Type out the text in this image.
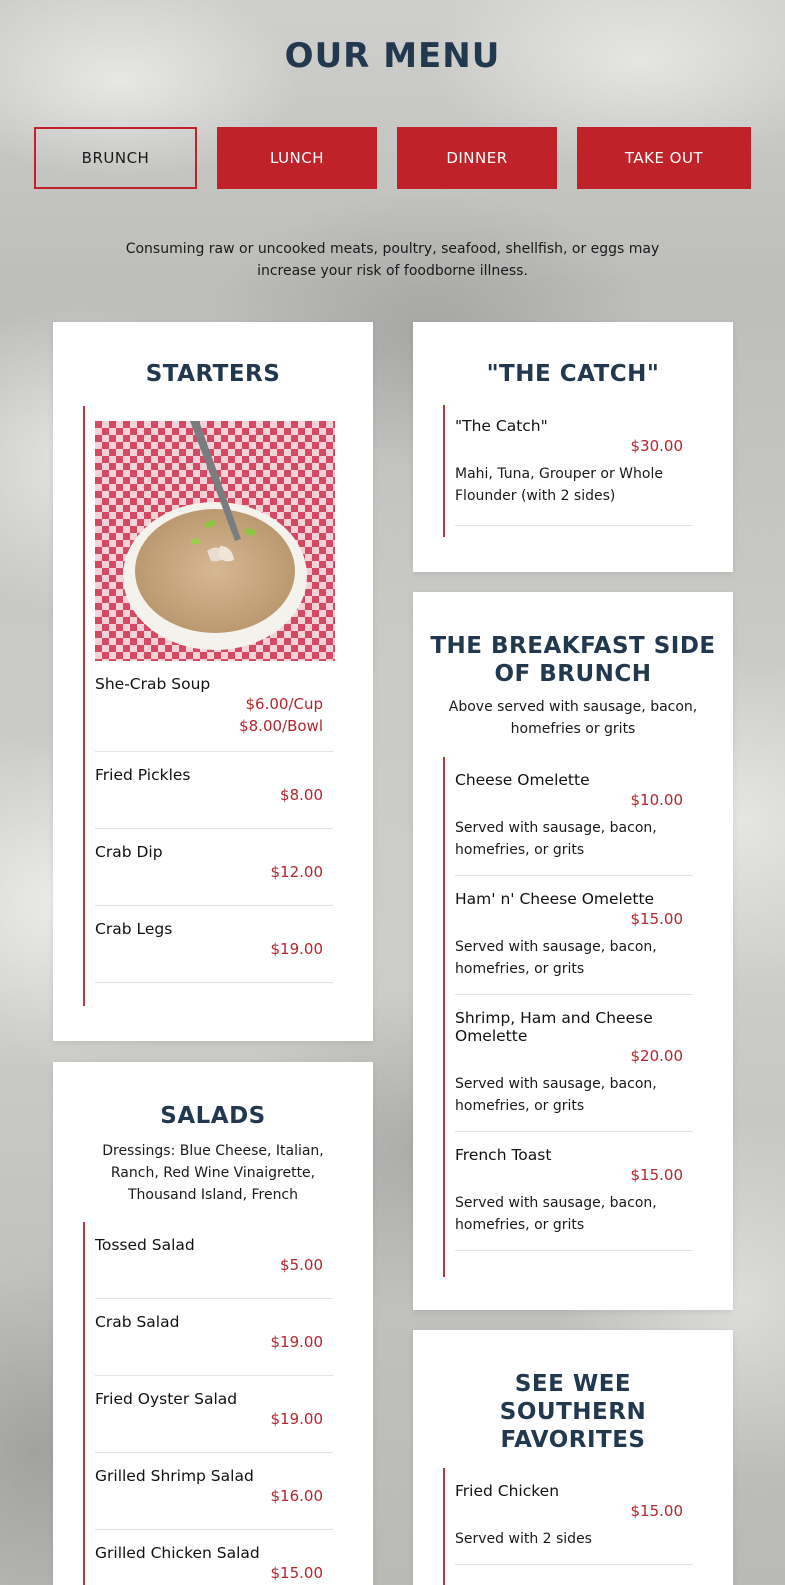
OUR MENU
BRUNCH	LUNCH	DINNER	TAKE OUT

Consuming raw or uncooked meats, poultry, seafood, shellfish, or eggs may increase your risk of foodborne illness.

STARTERS
She-Crab Soup
$6.00/Cup
$8.00/Bowl
Fried Pickles
$8.00
Crab Dip
$12.00
Crab Legs
$19.00
"THE CATCH"
"The Catch"
$30.00
Mahi, Tuna, Grouper or Whole Flounder (with 2 sides)
THE BREAKFAST SIDE OF BRUNCH

Above served with sausage, bacon, homefries or grits

Cheese Omelette
$10.00
Served with sausage, bacon, homefries, or grits
Ham' n' Cheese Omelette
$15.00
Served with sausage, bacon, homefries, or grits
Shrimp, Ham and Cheese Omelette
$20.00
Served with sausage, bacon, homefries, or grits
French Toast
$15.00
Served with sausage, bacon, homefries, or grits
SALADS

Dressings: Blue Cheese, Italian, Ranch, Red Wine Vinaigrette, Thousand Island, French

Tossed Salad
$5.00
Crab Salad
$19.00
Fried Oyster Salad
$19.00
Grilled Shrimp Salad
$16.00
Grilled Chicken Salad
$15.00
SEE WEE SOUTHERN FAVORITES
Fried Chicken
$15.00
Served with 2 sides
